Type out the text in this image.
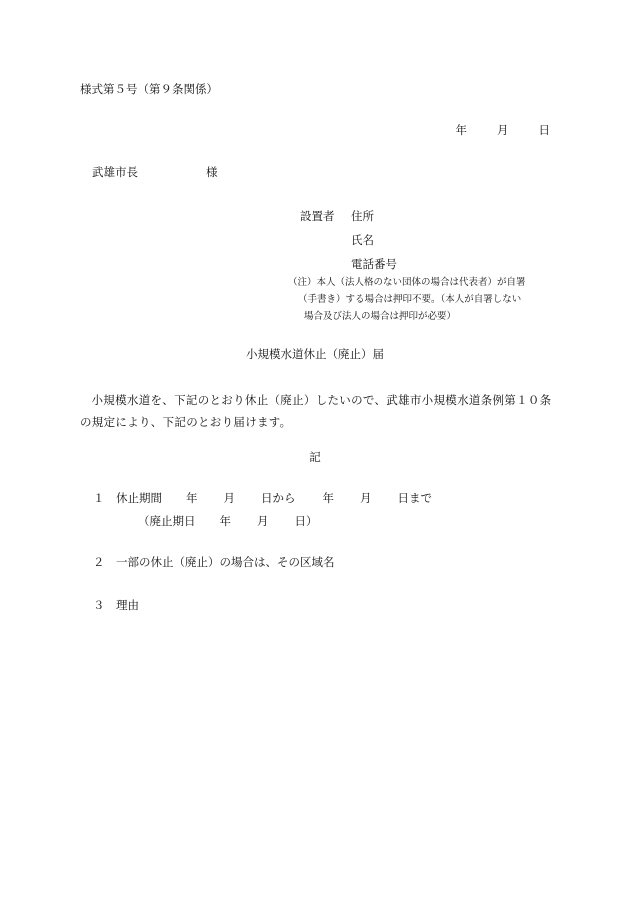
様式第５号（第９条関係）
年	月	日
武雄市長	様
設置者 住所
氏名
電話番号
（注）本人（法人格のない団体の場合は代表者）が自署
（手書き）する場合は押印不要。（本人が自署しない
場合及び法人の場合は押印が必要）
小規模水道休止（廃止）届
小規模水道を、下記のとおり休止（廃止）したいので、武雄市小規模水道条例第１０条の規定により、下記のとおり届けます。
記
１ 休止期間 年 月 日から 年 月 日まで
（廃止期日 年 月 日）
２ 一部の休止（廃止）の場合は、その区域名
３ 理由
